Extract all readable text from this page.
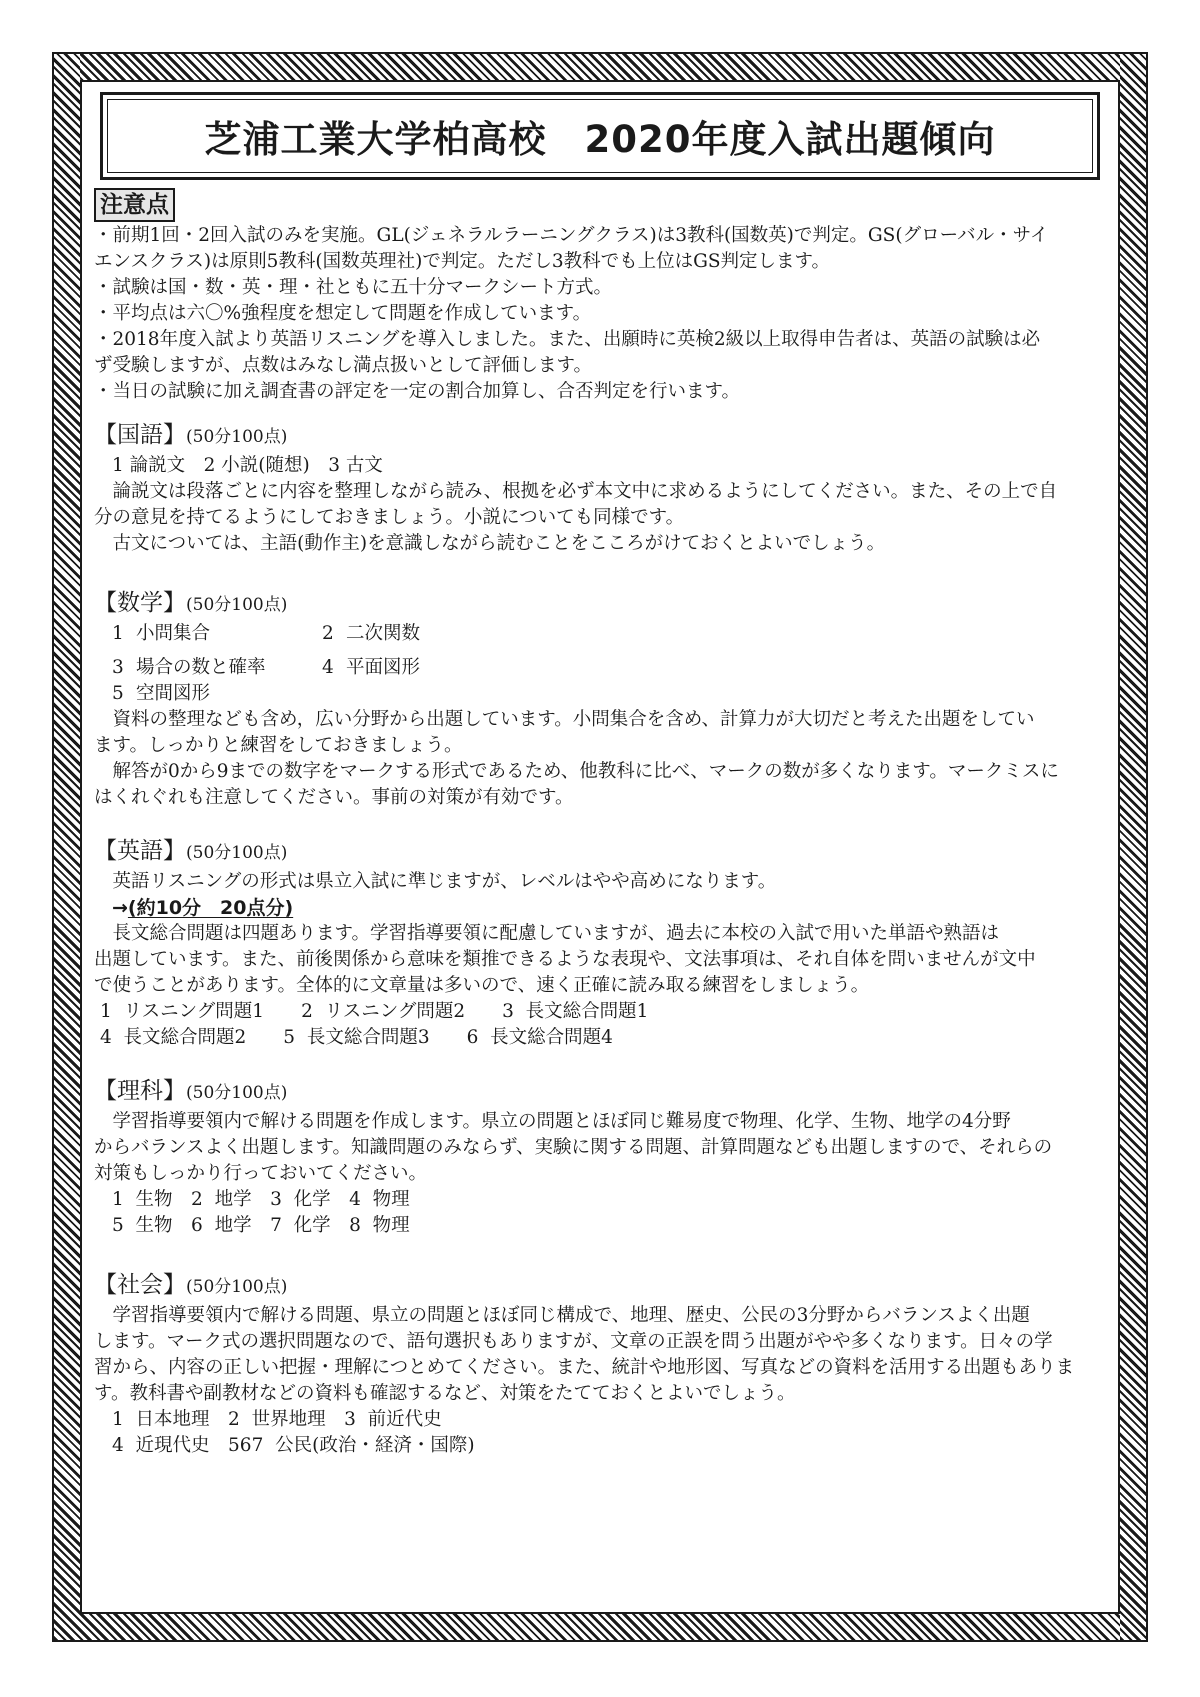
芝浦工業大学柏高校　2020年度入試出題傾向
注意点

・前期1回・2回入試のみを実施。GL(ジェネラルラーニングクラス)は3教科(国数英)で判定。GS(グローバル・サイ

エンスクラス)は原則5教科(国数英理社)で判定。ただし3教科でも上位はGS判定します。

・試験は国・数・英・理・社ともに五十分マークシート方式。

・平均点は六〇%強程度を想定して問題を作成しています。

・2018年度入試より英語リスニングを導入しました。また、出願時に英検2級以上取得申告者は、英語の試験は必

ず受験しますが、点数はみなし満点扱いとして評価します。

・当日の試験に加え調査書の評定を一定の割合加算し、合否判定を行います。

【国語】(50分100点)

1 論説文　2 小説(随想)　3 古文

論説文は段落ごとに内容を整理しながら読み、根拠を必ず本文中に求めるようにしてください。また、その上で自

分の意見を持てるようにしておきましょう。小説についても同様です。

古文については、主語(動作主)を意識しながら読むことをこころがけておくとよいでしょう。

【数学】(50分100点)

1 小問集合	2 二次関数

3 場合の数と確率	4 平面図形

5 空間図形

資料の整理なども含め，広い分野から出題しています。小問集合を含め、計算力が大切だと考えた出題をしてい

ます。しっかりと練習をしておきましょう。

解答が0から9までの数字をマークする形式であるため、他教科に比べ、マークの数が多くなります。マークミスに

はくれぐれも注意してください。事前の対策が有効です。

【英語】(50分100点)

英語リスニングの形式は県立入試に準じますが、レベルはやや高めになります。

→(約10分　20点分)

長文総合問題は四題あります。学習指導要領に配慮していますが、過去に本校の入試で用いた単語や熟語は

出題しています。また、前後関係から意味を類推できるような表現や、文法事項は、それ自体を問いませんが文中

で使うことがあります。全体的に文章量は多いので、速く正確に読み取る練習をしましょう。

1  リスニング問題1　　2  リスニング問題2　　3  長文総合問題1

4  長文総合問題2　　5  長文総合問題3　　6  長文総合問題4

【理科】(50分100点)

学習指導要領内で解ける問題を作成します。県立の問題とほぼ同じ難易度で物理、化学、生物、地学の4分野

からバランスよく出題します。知識問題のみならず、実験に関する問題、計算問題なども出題しますので、それらの

対策もしっかり行っておいてください。

1  生物　2  地学　3  化学　4  物理

5  生物　6  地学　7  化学　8  物理

【社会】(50分100点)

学習指導要領内で解ける問題、県立の問題とほぼ同じ構成で、地理、歴史、公民の3分野からバランスよく出題

します。マーク式の選択問題なので、語句選択もありますが、文章の正誤を問う出題がやや多くなります。日々の学

習から、内容の正しい把握・理解につとめてください。また、統計や地形図、写真などの資料を活用する出題もありま

す。教科書や副教材などの資料も確認するなど、対策をたてておくとよいでしょう。

1  日本地理　2  世界地理　3  前近代史

4  近現代史　567  公民(政治・経済・国際)
